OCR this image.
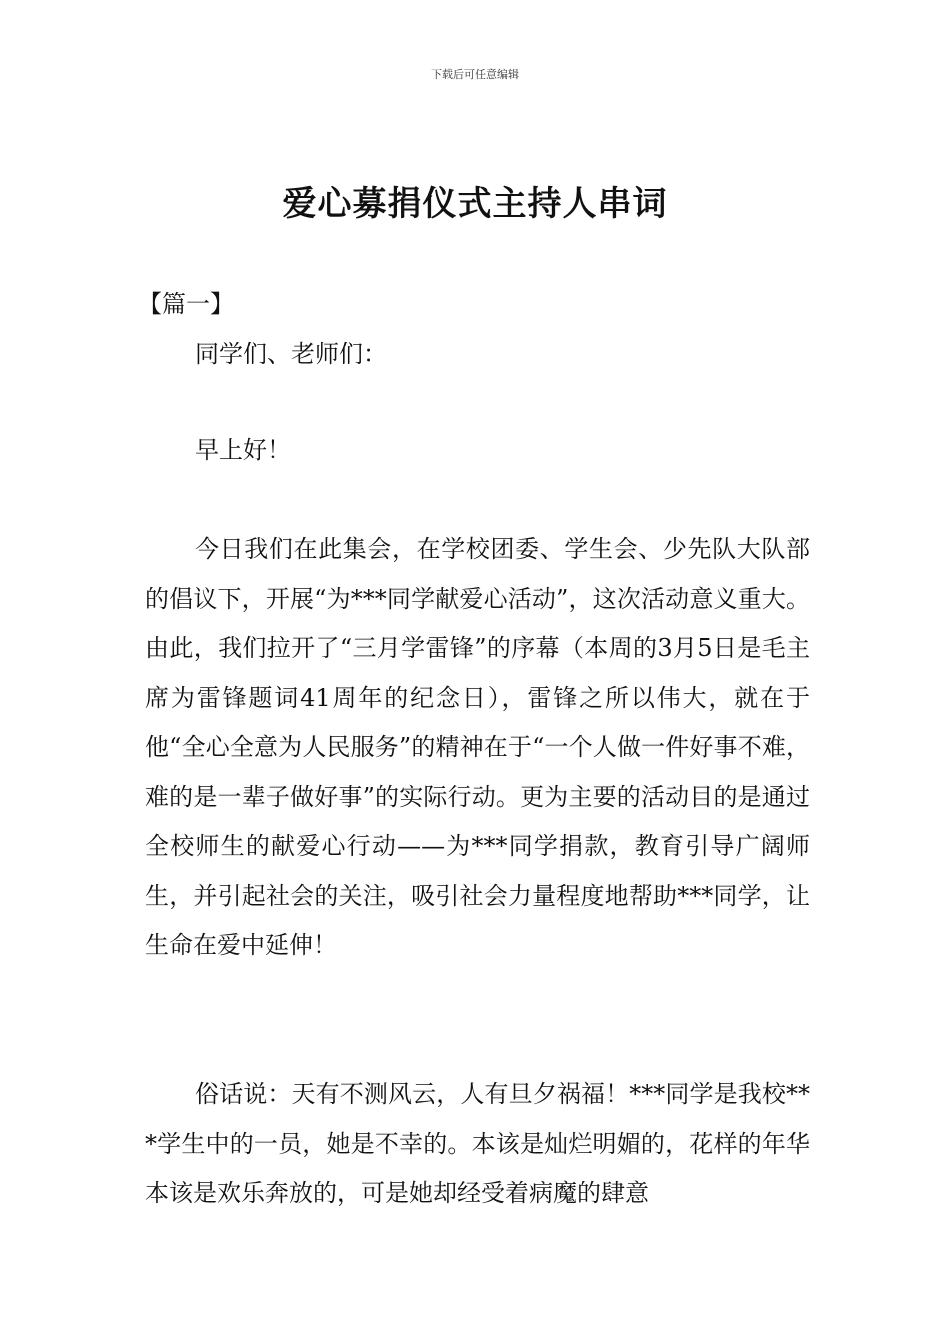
下载后可任意编辑
爱心募捐仪式主持人串词
【篇一】

同学们、老师们：

早上好！

今日我们在此集会，在学校团委、学生会、少先队大队部的倡议下，开展“为***同学献爱心活动”，这次活动意义重大。由此，我们拉开了“三月学雷锋”的序幕（本周的3月5日是毛主席为雷锋题词41周年的纪念日），雷锋之所以伟大，就在于他“全心全意为人民服务”的精神在于“一个人做一件好事不难，难的是一辈子做好事”的实际行动。更为主要的活动目的是通过全校师生的献爱心行动——为***同学捐款，教育引导广阔师生，并引起社会的关注，吸引社会力量程度地帮助***同学，让生命在爱中延伸！

俗话说：天有不测风云，人有旦夕祸福！***同学是我校***学生中的一员，她是不幸的。本该是灿烂明媚的，花样的年华本该是欢乐奔放的，可是她却经受着病魔的肆意
